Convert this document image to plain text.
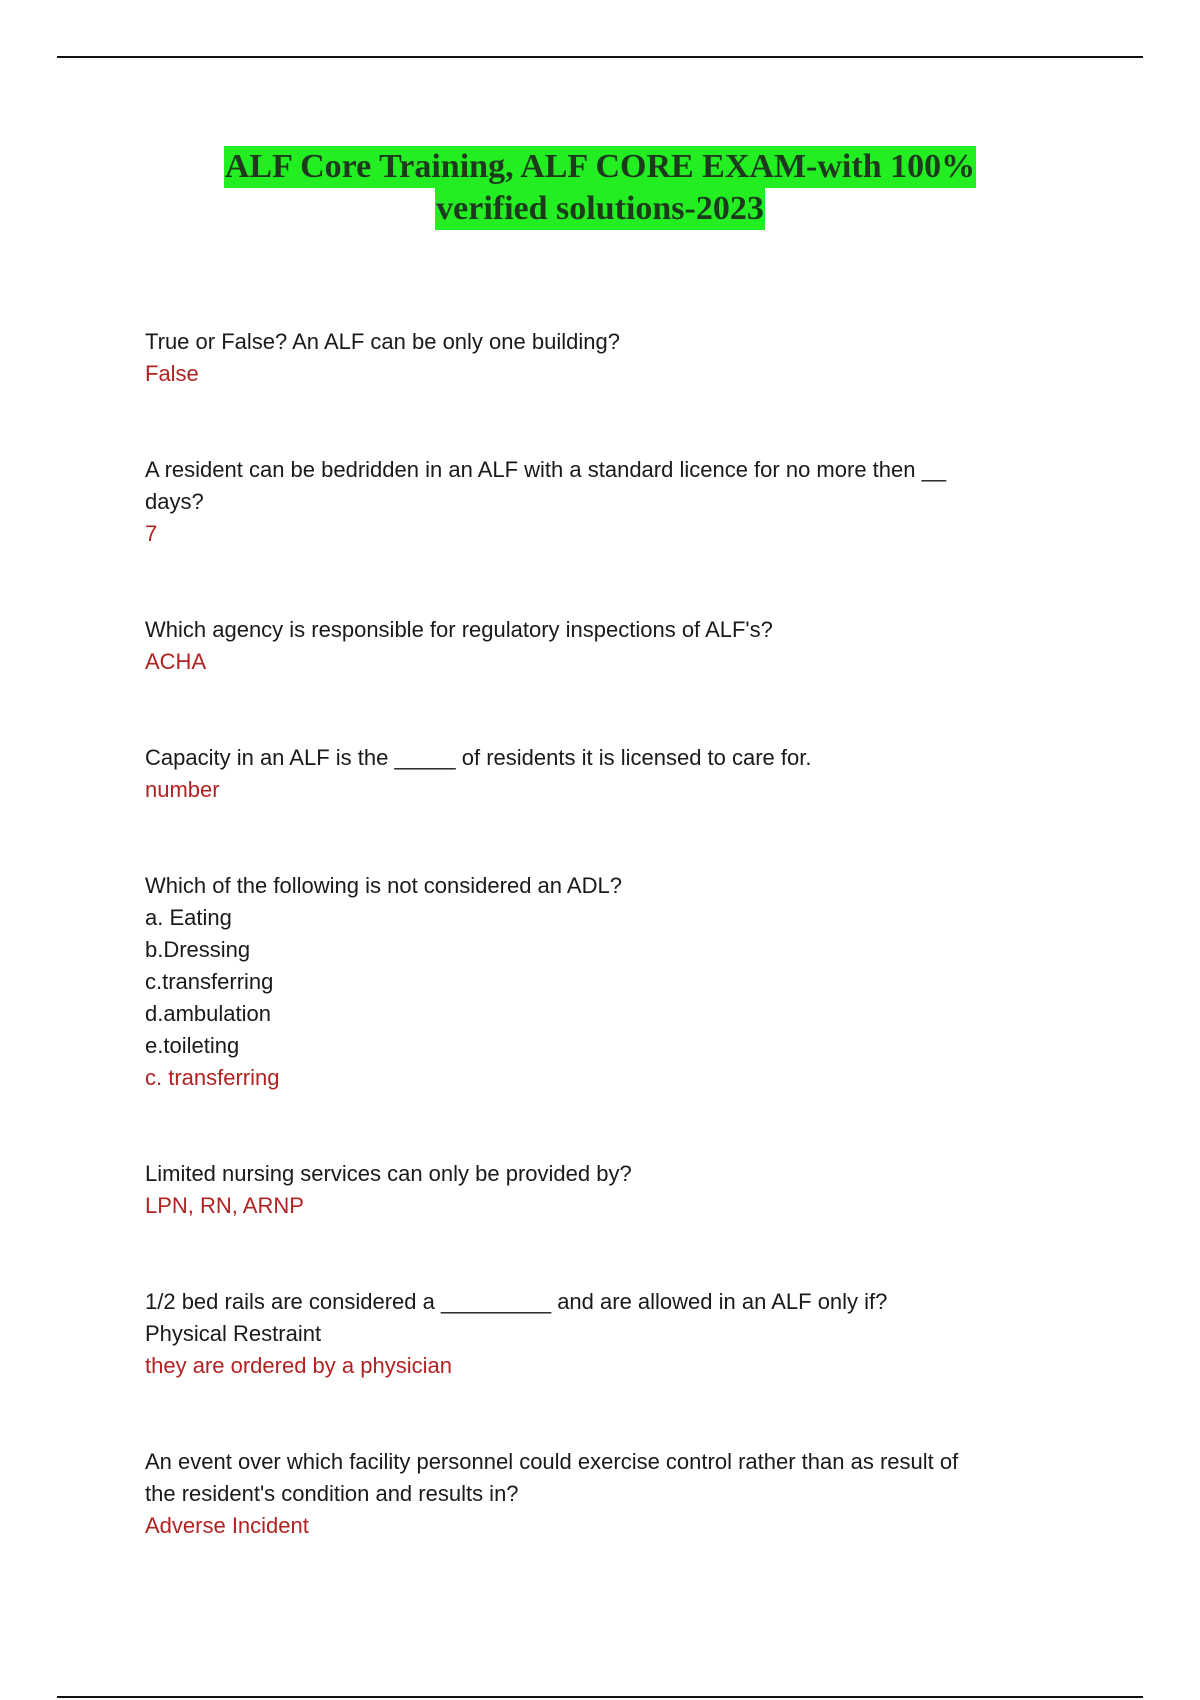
ALF Core Training, ALF CORE EXAM-with 100%
verified solutions-2023
True or False? An ALF can be only one building?
False
A resident can be bedridden in an ALF with a standard licence for no more then __
days?
7
Which agency is responsible for regulatory inspections of ALF's?
ACHA
Capacity in an ALF is the _____ of residents it is licensed to care for.
number
Which of the following is not considered an ADL?
a. Eating
b.Dressing
c.transferring
d.ambulation
e.toileting
c. transferring
Limited nursing services can only be provided by?
LPN, RN, ARNP
1/2 bed rails are considered a _________ and are allowed in an ALF only if?
Physical Restraint
they are ordered by a physician
An event over which facility personnel could exercise control rather than as result of
the resident's condition and results in?
Adverse Incident
